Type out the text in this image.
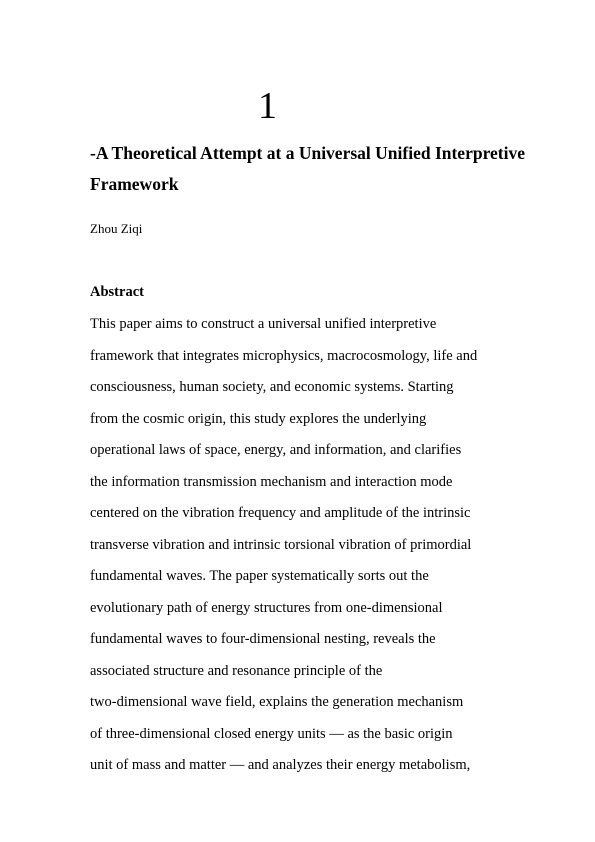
1
-A Theoretical Attempt at a Universal Unified Interpretive
Framework
Zhou Ziqi
Abstract
This paper aims to construct a universal unified interpretive
framework that integrates microphysics, macrocosmology, life and
consciousness, human society, and economic systems. Starting
from the cosmic origin, this study explores the underlying
operational laws of space, energy, and information, and clarifies
the information transmission mechanism and interaction mode
centered on the vibration frequency and amplitude of the intrinsic
transverse vibration and intrinsic torsional vibration of primordial
fundamental waves. The paper systematically sorts out the
evolutionary path of energy structures from one-dimensional
fundamental waves to four-dimensional nesting, reveals the
associated structure and resonance principle of the
two-dimensional wave field, explains the generation mechanism
of three-dimensional closed energy units — as the basic origin
unit of mass and matter — and analyzes their energy metabolism,
